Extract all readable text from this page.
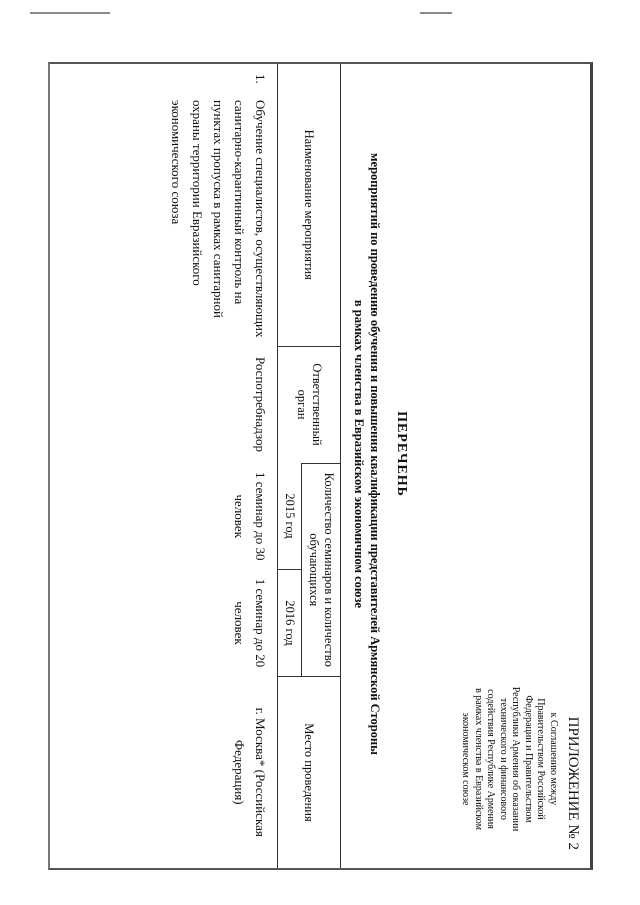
ПРИЛОЖЕНИЕ № 2
к Соглашению между
Правительством Российской
Федерации и Правительством
Республики Армения об оказании
технического и финансового
содействия Республике Армения
в рамках членства в Евразийском
экономическом союзе
ПЕРЕЧЕНЬ
мероприятий по проведению обучения и повышения квалификации представителей Армянской Стороны
в рамках членства в Евразийском экономичном союзе
Наименование мероприятия		Ответственный орган	Количество семинаров и количество обучающихся		Место проведения
			2015 год	2016 год	
1.	Обучение специалистов, осуществляющих санитарно-карантинный контроль на пунктах пропуска в рамках санитарной охраны территории Евразийского экономического союза	Роспотребнадзор	1 семинар до 30 человек	1 семинар до 20 человек	г. Москва* (Российская Федерация)
